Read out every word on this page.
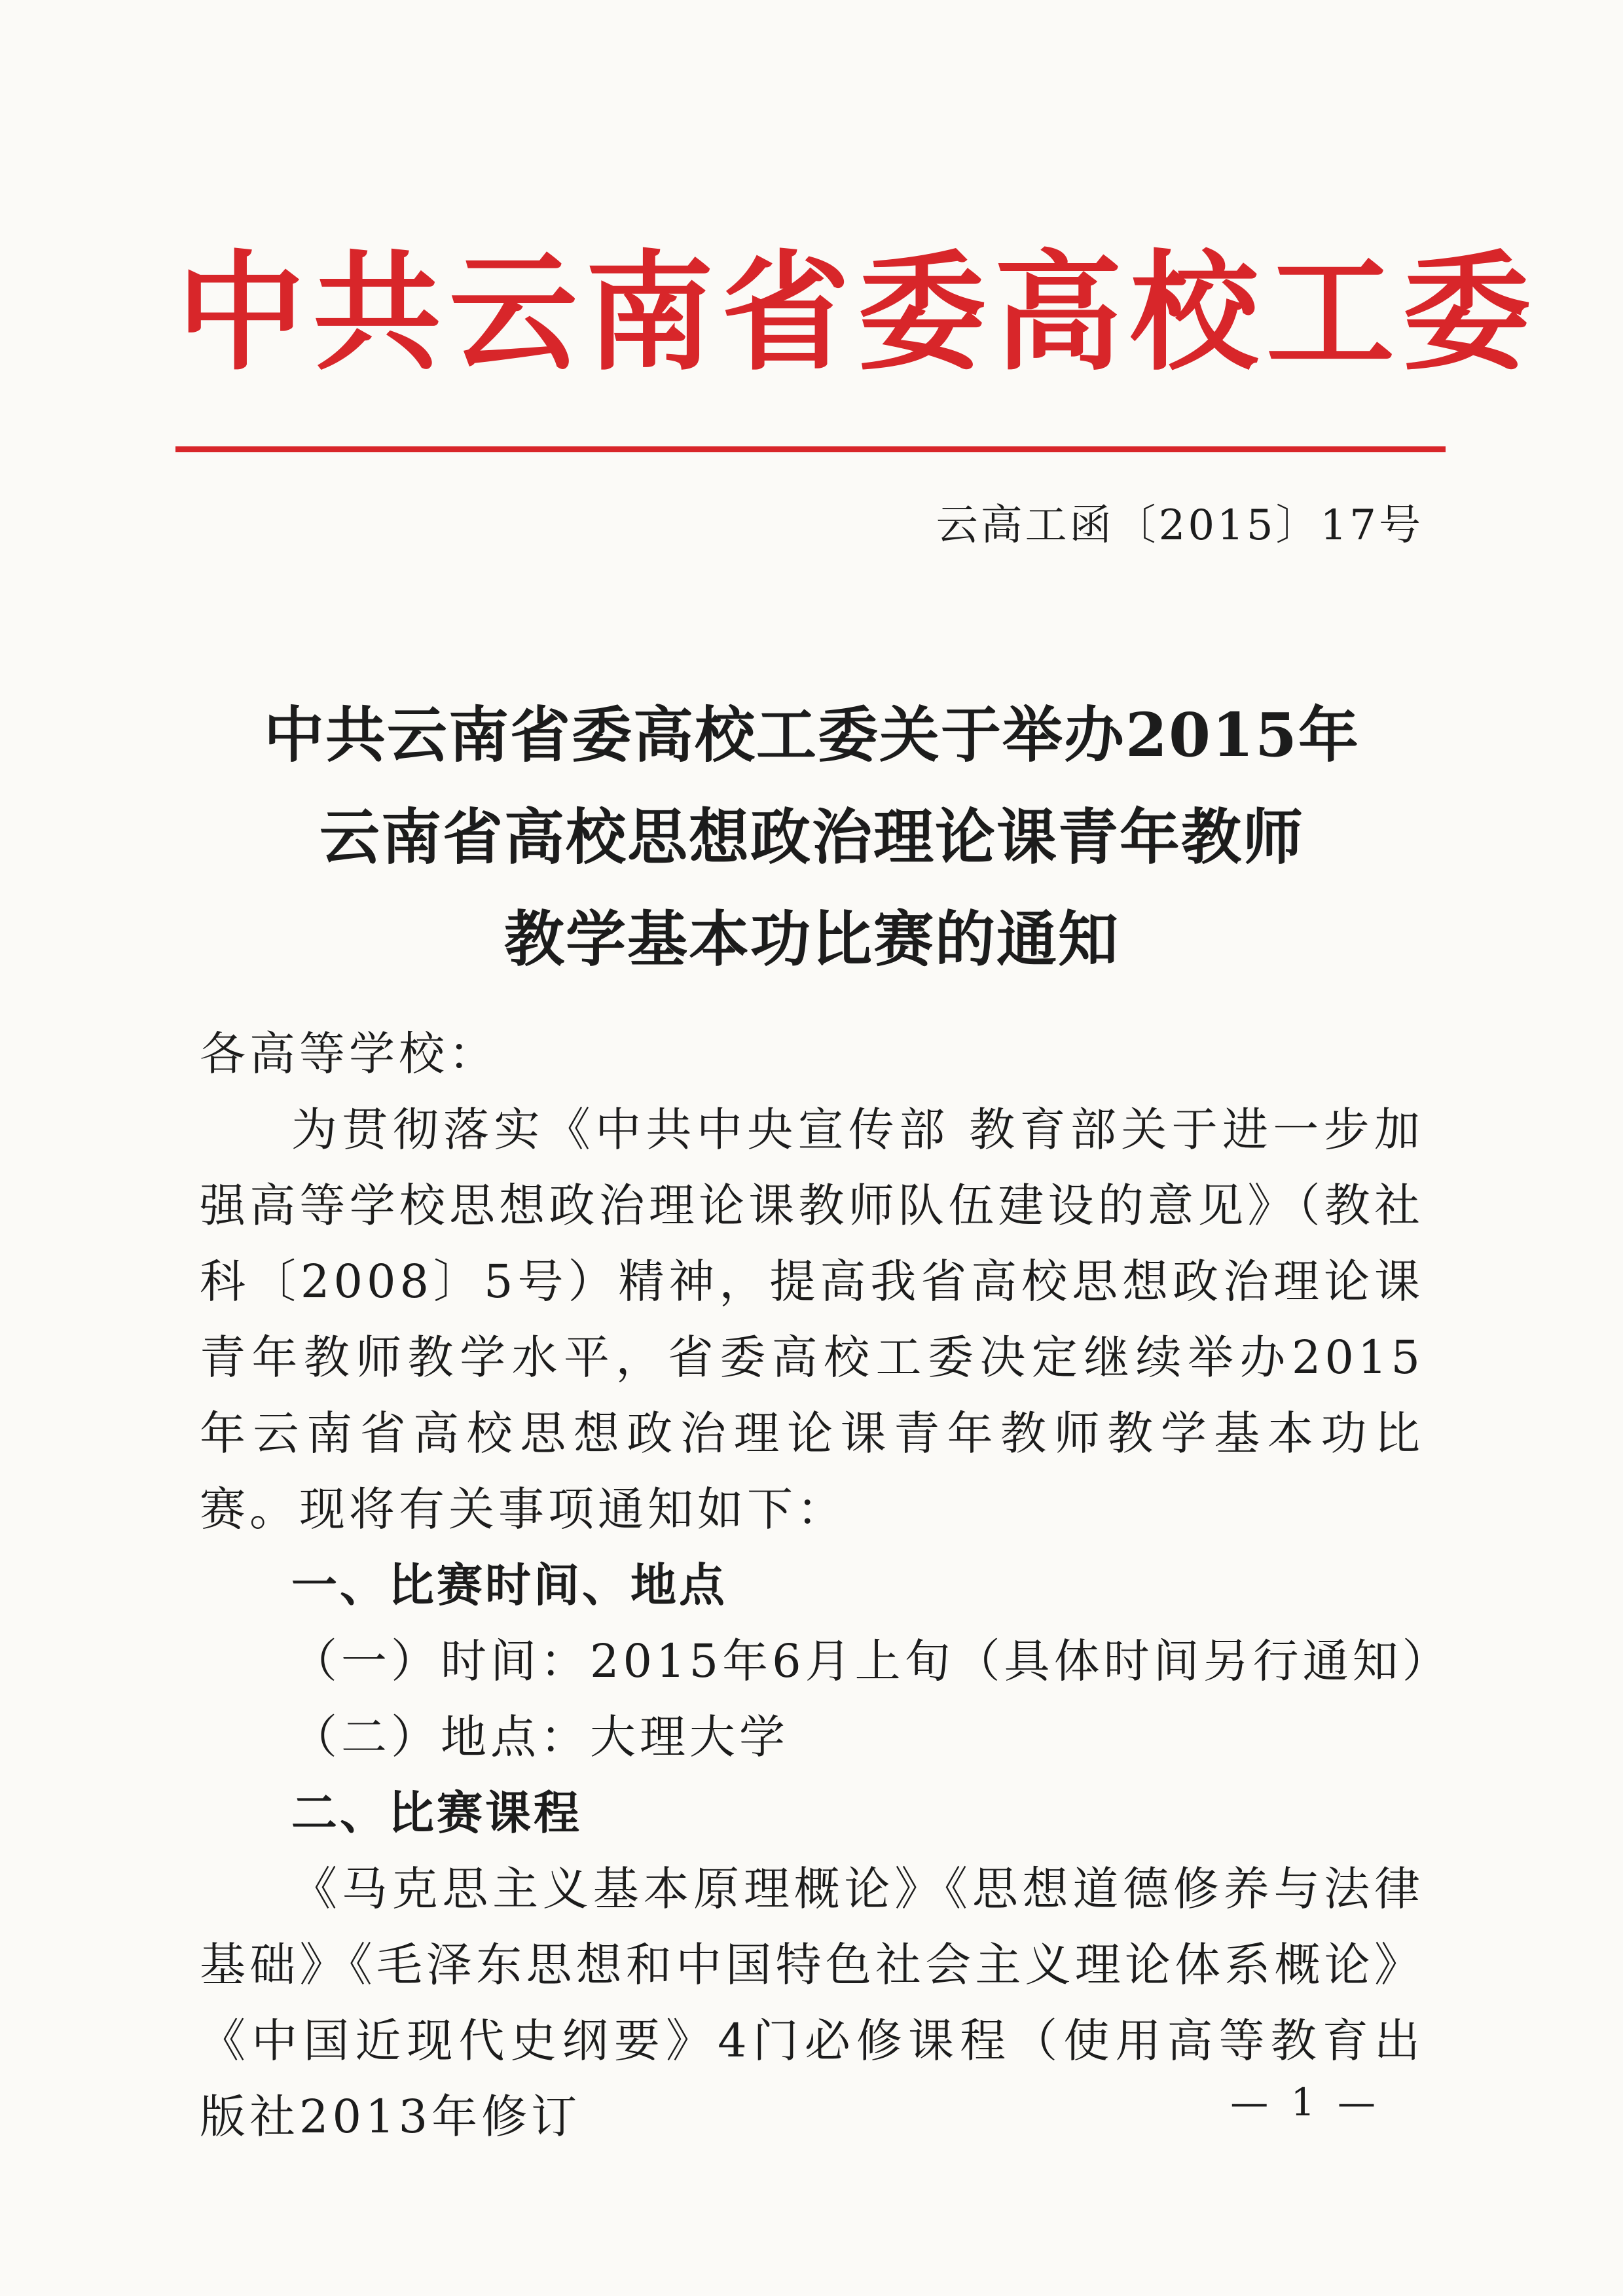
中共云南省委高校工委
云高工函〔2015〕17号
中共云南省委高校工委关于举办2015年
云南省高校思想政治理论课青年教师
教学基本功比赛的通知

各高等学校：

为贯彻落实《中共中央宣传部 教育部关于进一步加强高等学校思想政治理论课教师队伍建设的意见》（教社科〔2008〕5号）精神，提高我省高校思想政治理论课青年教师教学水平，省委高校工委决定继续举办2015年云南省高校思想政治理论课青年教师教学基本功比赛。现将有关事项通知如下：

一、比赛时间、地点

（一）时间：2015年6月上旬（具体时间另行通知）

（二）地点：大理大学

二、比赛课程

《马克思主义基本原理概论》《思想道德修养与法律基础》《毛泽东思想和中国特色社会主义理论体系概论》《中国近现代史纲要》4门必修课程（使用高等教育出版社2013年修订	— 1 —
